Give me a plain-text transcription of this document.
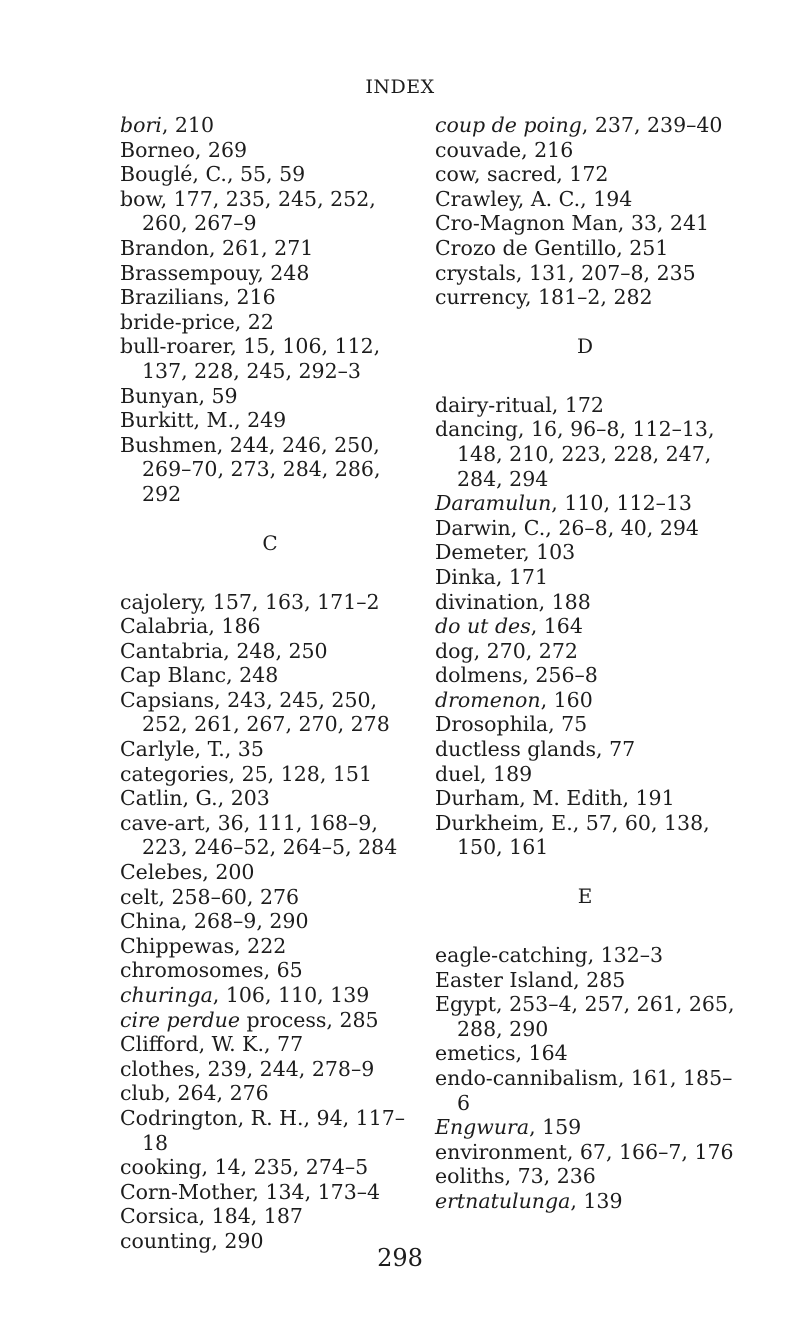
INDEX

bori, 210

Borneo, 269

Bouglé, C., 55, 59

bow, 177, 235, 245, 252, 260, 267–9

Brandon, 261, 271

Brassempouy, 248

Brazilians, 216

bride-price, 22

bull-roarer, 15, 106, 112, 137, 228, 245, 292–3

Bunyan, 59

Burkitt, M., 249

Bushmen, 244, 246, 250, 269–70, 273, 284, 286, 292

C

cajolery, 157, 163, 171–2

Calabria, 186

Cantabria, 248, 250

Cap Blanc, 248

Capsians, 243, 245, 250, 252, 261, 267, 270, 278

Carlyle, T., 35

categories, 25, 128, 151

Catlin, G., 203

cave-art, 36, 111, 168–9, 223, 246–52, 264–5, 284

Celebes, 200

celt, 258–60, 276

China, 268–9, 290

Chippewas, 222

chromosomes, 65

churinga, 106, 110, 139

cire perdue process, 285

Clifford, W. K., 77

clothes, 239, 244, 278–9

club, 264, 276

Codrington, R. H., 94, 117–18

cooking, 14, 235, 274–5

Corn-Mother, 134, 173–4

Corsica, 184, 187

counting, 290

coup de poing, 237, 239–40

couvade, 216

cow, sacred, 172

Crawley, A. C., 194

Cro-Magnon Man, 33, 241

Crozo de Gentillo, 251

crystals, 131, 207–8, 235

currency, 181–2, 282

D

dairy-ritual, 172

dancing, 16, 96–8, 112–13, 148, 210, 223, 228, 247, 284, 294

Daramulun, 110, 112–13

Darwin, C., 26–8, 40, 294

Demeter, 103

Dinka, 171

divination, 188

do ut des, 164

dog, 270, 272

dolmens, 256–8

dromenon, 160

Drosophila, 75

ductless glands, 77

duel, 189

Durham, M. Edith, 191

Durkheim, E., 57, 60, 138, 150, 161

E

eagle-catching, 132–3

Easter Island, 285

Egypt, 253–4, 257, 261, 265, 288, 290

emetics, 164

endo-cannibalism, 161, 185–6

Engwura, 159

environment, 67, 166–7, 176

eoliths, 73, 236

ertnatulunga, 139

298
